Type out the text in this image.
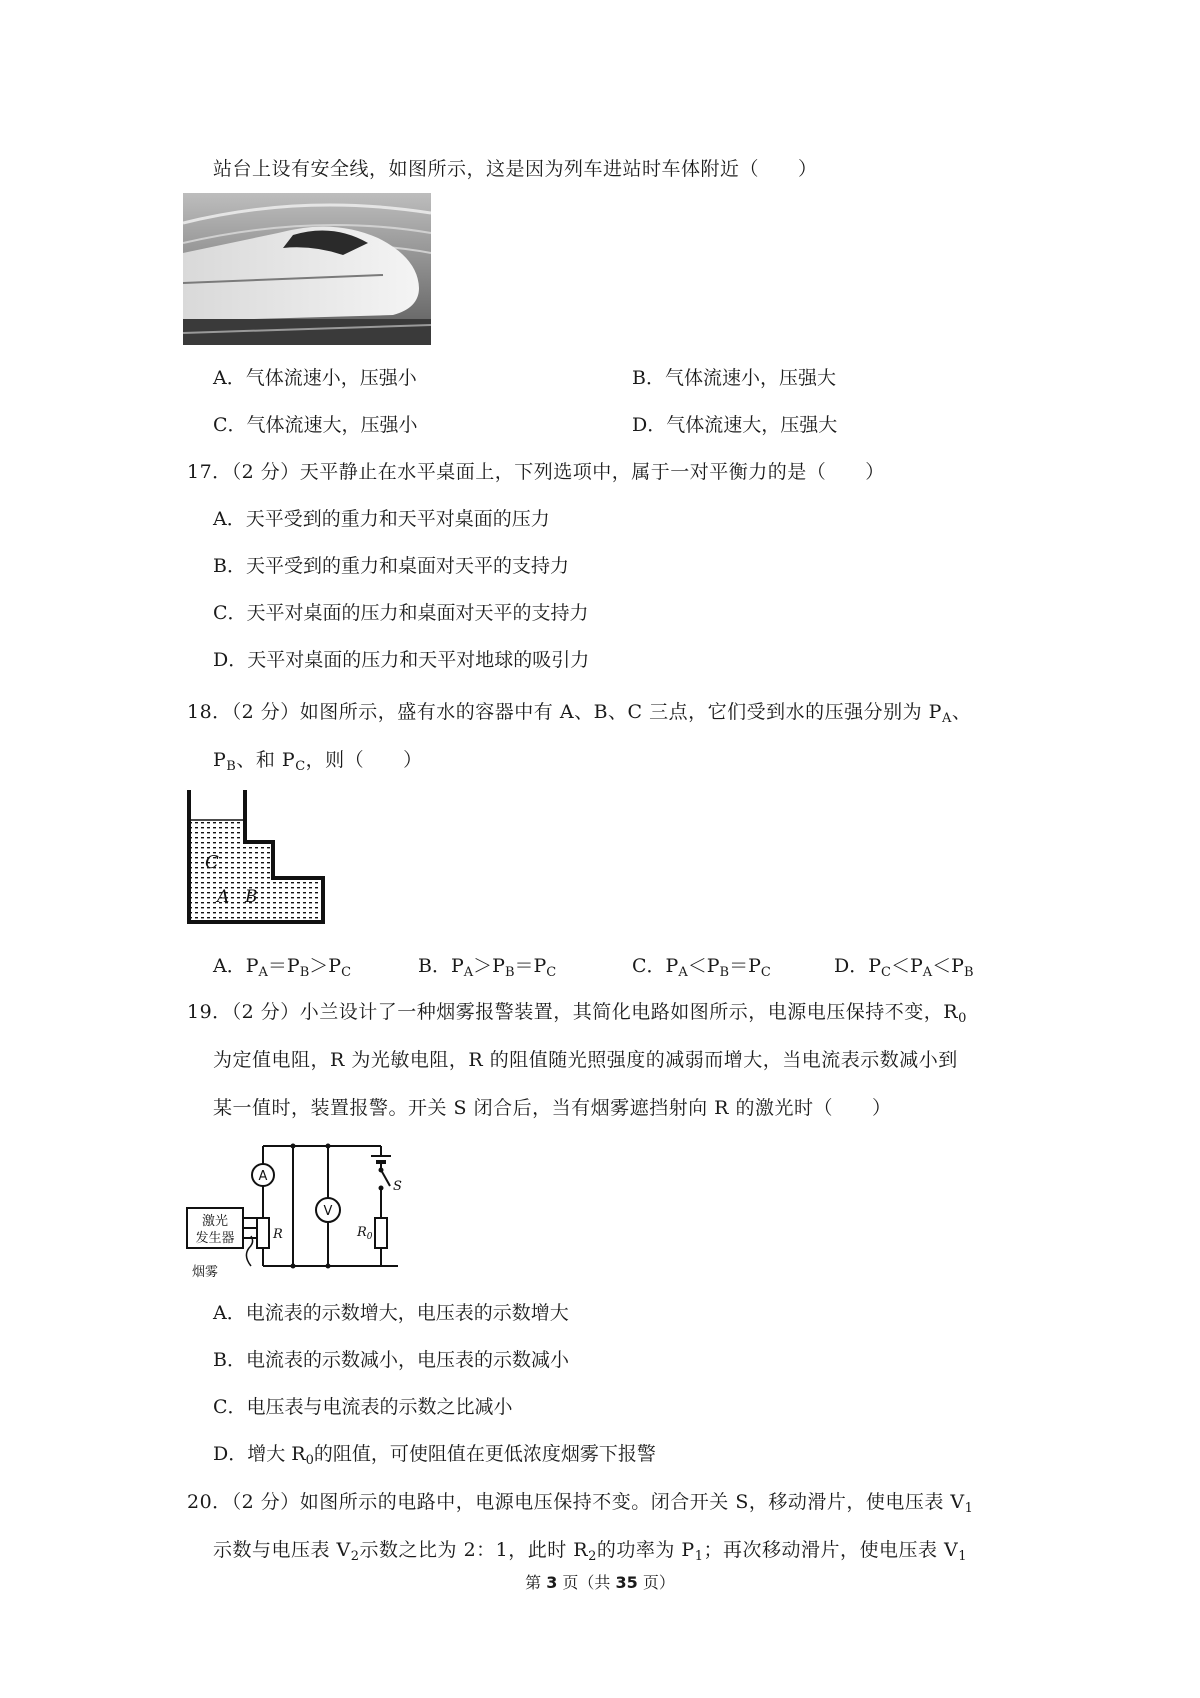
站台上设有安全线，如图所示，这是因为列车进站时车体附近（　　）
A．气体流速小，压强小	B．气体流速小，压强大
C．气体流速大，压强小	D．气体流速大，压强大
17．（2 分）天平静止在水平桌面上，下列选项中，属于一对平衡力的是（　　）
A．天平受到的重力和天平对桌面的压力
B．天平受到的重力和桌面对天平的支持力
C．天平对桌面的压力和桌面对天平的支持力
D．天平对桌面的压力和天平对地球的吸引力
18．（2 分）如图所示，盛有水的容器中有 A、B、C 三点，它们受到水的压强分别为 $P_A$、
$P_B$、和 $P_C$，则（　　）
C
A B
A．$P_A=P_B>P_C$	B．$P_A>P_B=P_C$	C．$P_A<P_B=P_C$	D．$P_C<P_A<P_B$
19．（2 分）小兰设计了一种烟雾报警装置，其简化电路如图所示，电源电压保持不变，$R_0$
为定值电阻，R 为光敏电阻，R 的阻值随光照强度的减弱而增大，当电流表示数减小到
某一值时，装置报警。开关 S 闭合后，当有烟雾遮挡射向 R 的激光时（　　）
A
V
S
R	$R_0$
激光
发生器
烟雾
A．电流表的示数增大，电压表的示数增大
B．电流表的示数减小，电压表的示数减小
C．电压表与电流表的示数之比减小
D．增大 $R_0$的阻值，可使阻值在更低浓度烟雾下报警
20．（2 分）如图所示的电路中，电源电压保持不变。闭合开关 S，移动滑片，使电压表 $V_1$
示数与电压表 $V_2$示数之比为 2：1，此时 $R_2$的功率为 $P_1$；再次移动滑片，使电压表 $V_1$
第 3 页（共 35 页）
